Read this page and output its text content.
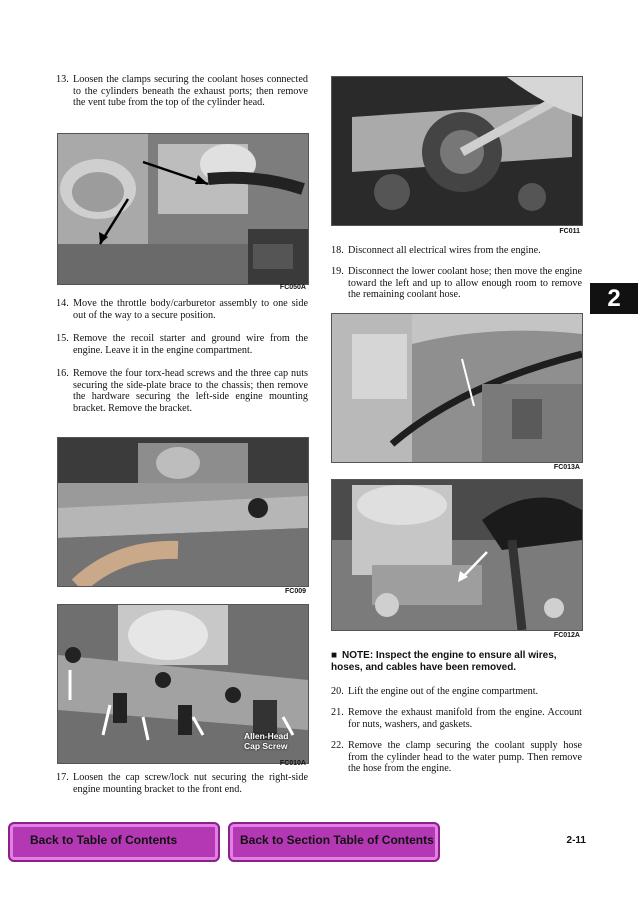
13. Loosen the clamps securing the coolant hoses connected to the cylinders beneath the exhaust ports; then remove the vent tube from the top of the cylinder head.
FC050A
14. Move the throttle body/carburetor assembly to one side out of the way to a secure position.
15. Remove the recoil starter and ground wire from the engine. Leave it in the engine compartment.
16. Remove the four torx-head screws and the three cap nuts securing the side-plate brace to the chassis; then remove the hardware securing the left-side engine mounting bracket. Remove the bracket.
FC009
Allen-Head Cap Screw
FC010A
17. Loosen the cap screw/lock nut securing the right-side engine mounting bracket to the front end.
FC011
18. Disconnect all electrical wires from the engine.
19. Disconnect the lower coolant hose; then move the engine toward the left and up to allow enough room to remove the remaining coolant hose.
FC013A
FC012A
■ NOTE: Inspect the engine to ensure all wires, hoses, and cables have been removed.
20. Lift the engine out of the engine compartment.
21. Remove the exhaust manifold from the engine. Account for nuts, washers, and gaskets.
22. Remove the clamp securing the coolant supply hose from the cylinder head to the water pump. Then remove the hose from the engine.
2
Back to Table of Contents	Back to Section Table of Contents	2-11
